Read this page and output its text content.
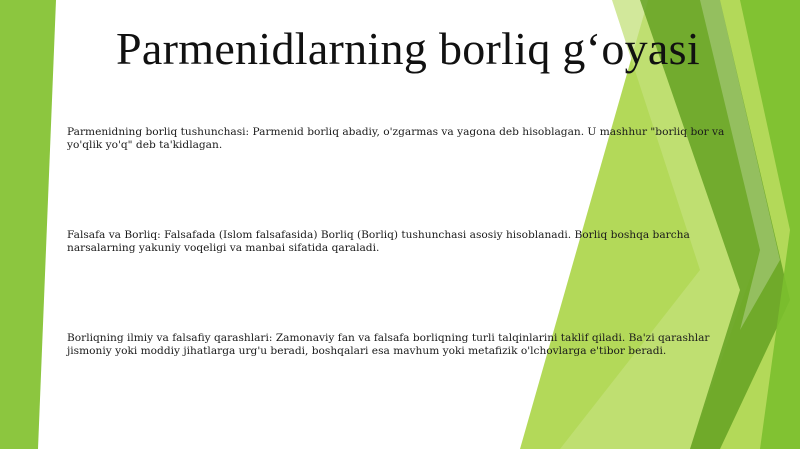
Parmenidlarning borliq g‘oyasi

Parmenidning borliq tushunchasi: Parmenid borliq abadiy, o'zgarmas va yagona deb hisoblagan. U mashhur "borliq bor va yo'qlik yo'q" deb ta'kidlagan.

Falsafa va Borliq: Falsafada (Islom falsafasida) Borliq (Borliq) tushunchasi asosiy hisoblanadi. Borliq boshqa barcha narsalarning yakuniy voqeligi va manbai sifatida qaraladi.

Borliqning ilmiy va falsafiy qarashlari: Zamonaviy fan va falsafa borliqning turli talqinlarini taklif qiladi. Ba'zi qarashlar jismoniy yoki moddiy jihatlarga urg'u beradi, boshqalari esa mavhum yoki metafizik o'lchovlarga e'tibor beradi.
